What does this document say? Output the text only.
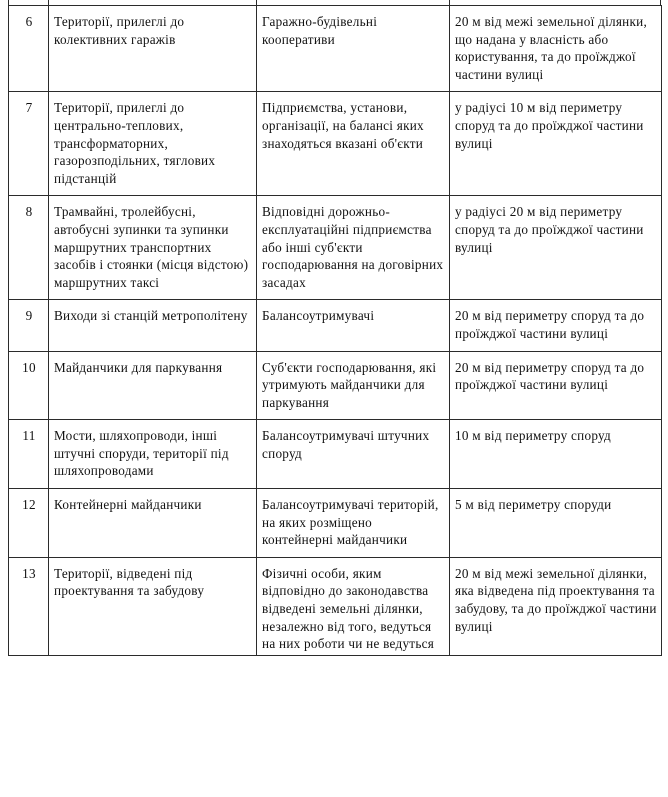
6	Території, прилеглі до колективних гаражів	Гаражно-будівельні кооперативи	20 м від межі земельної ділянки, що надана у власність або користування, та до проїжджої частини вулиці
7	Території, прилеглі до центрально-теплових, трансформаторних, газорозподільних, тяглових підстанцій	Підприємства, установи, організації, на балансі яких знаходяться вказані об'єкти	у радіусі 10 м від периметру споруд та до проїжджої частини вулиці
8	Трамвайні, тролейбусні, автобусні зупинки та зупинки маршрутних транспортних засобів і стоянки (місця відстою) маршрутних таксі	Відповідні дорожньо-експлуатаційні підприємства або інші суб'єкти господарювання на договірних засадах	у радіусі 20 м від периметру споруд та до проїжджої частини вулиці
9	Виходи зі станцій метрополітену	Балансоутримувачі	20 м від периметру споруд та до проїжджої частини вулиці
10	Майданчики для паркування	Суб'єкти господарювання, які утримують майданчики для паркування	20 м від периметру споруд та до проїжджої частини вулиці
11	Мости, шляхопроводи, інші штучні споруди, території під шляхопроводами	Балансоутримувачі штучних споруд	10 м від периметру споруд
12	Контейнерні майданчики	Балансоутримувачі територій, на яких розміщено контейнерні майданчики	5 м від периметру споруди
13	Території, відведені під проектування та забудову	Фізичні особи, яким відповідно до законодавства відведені земельні ділянки, незалежно від того, ведуться на них роботи чи не ведуться	20 м від межі земельної ділянки, яка відведена під проектування та забудову, та до проїжджої частини вулиці
